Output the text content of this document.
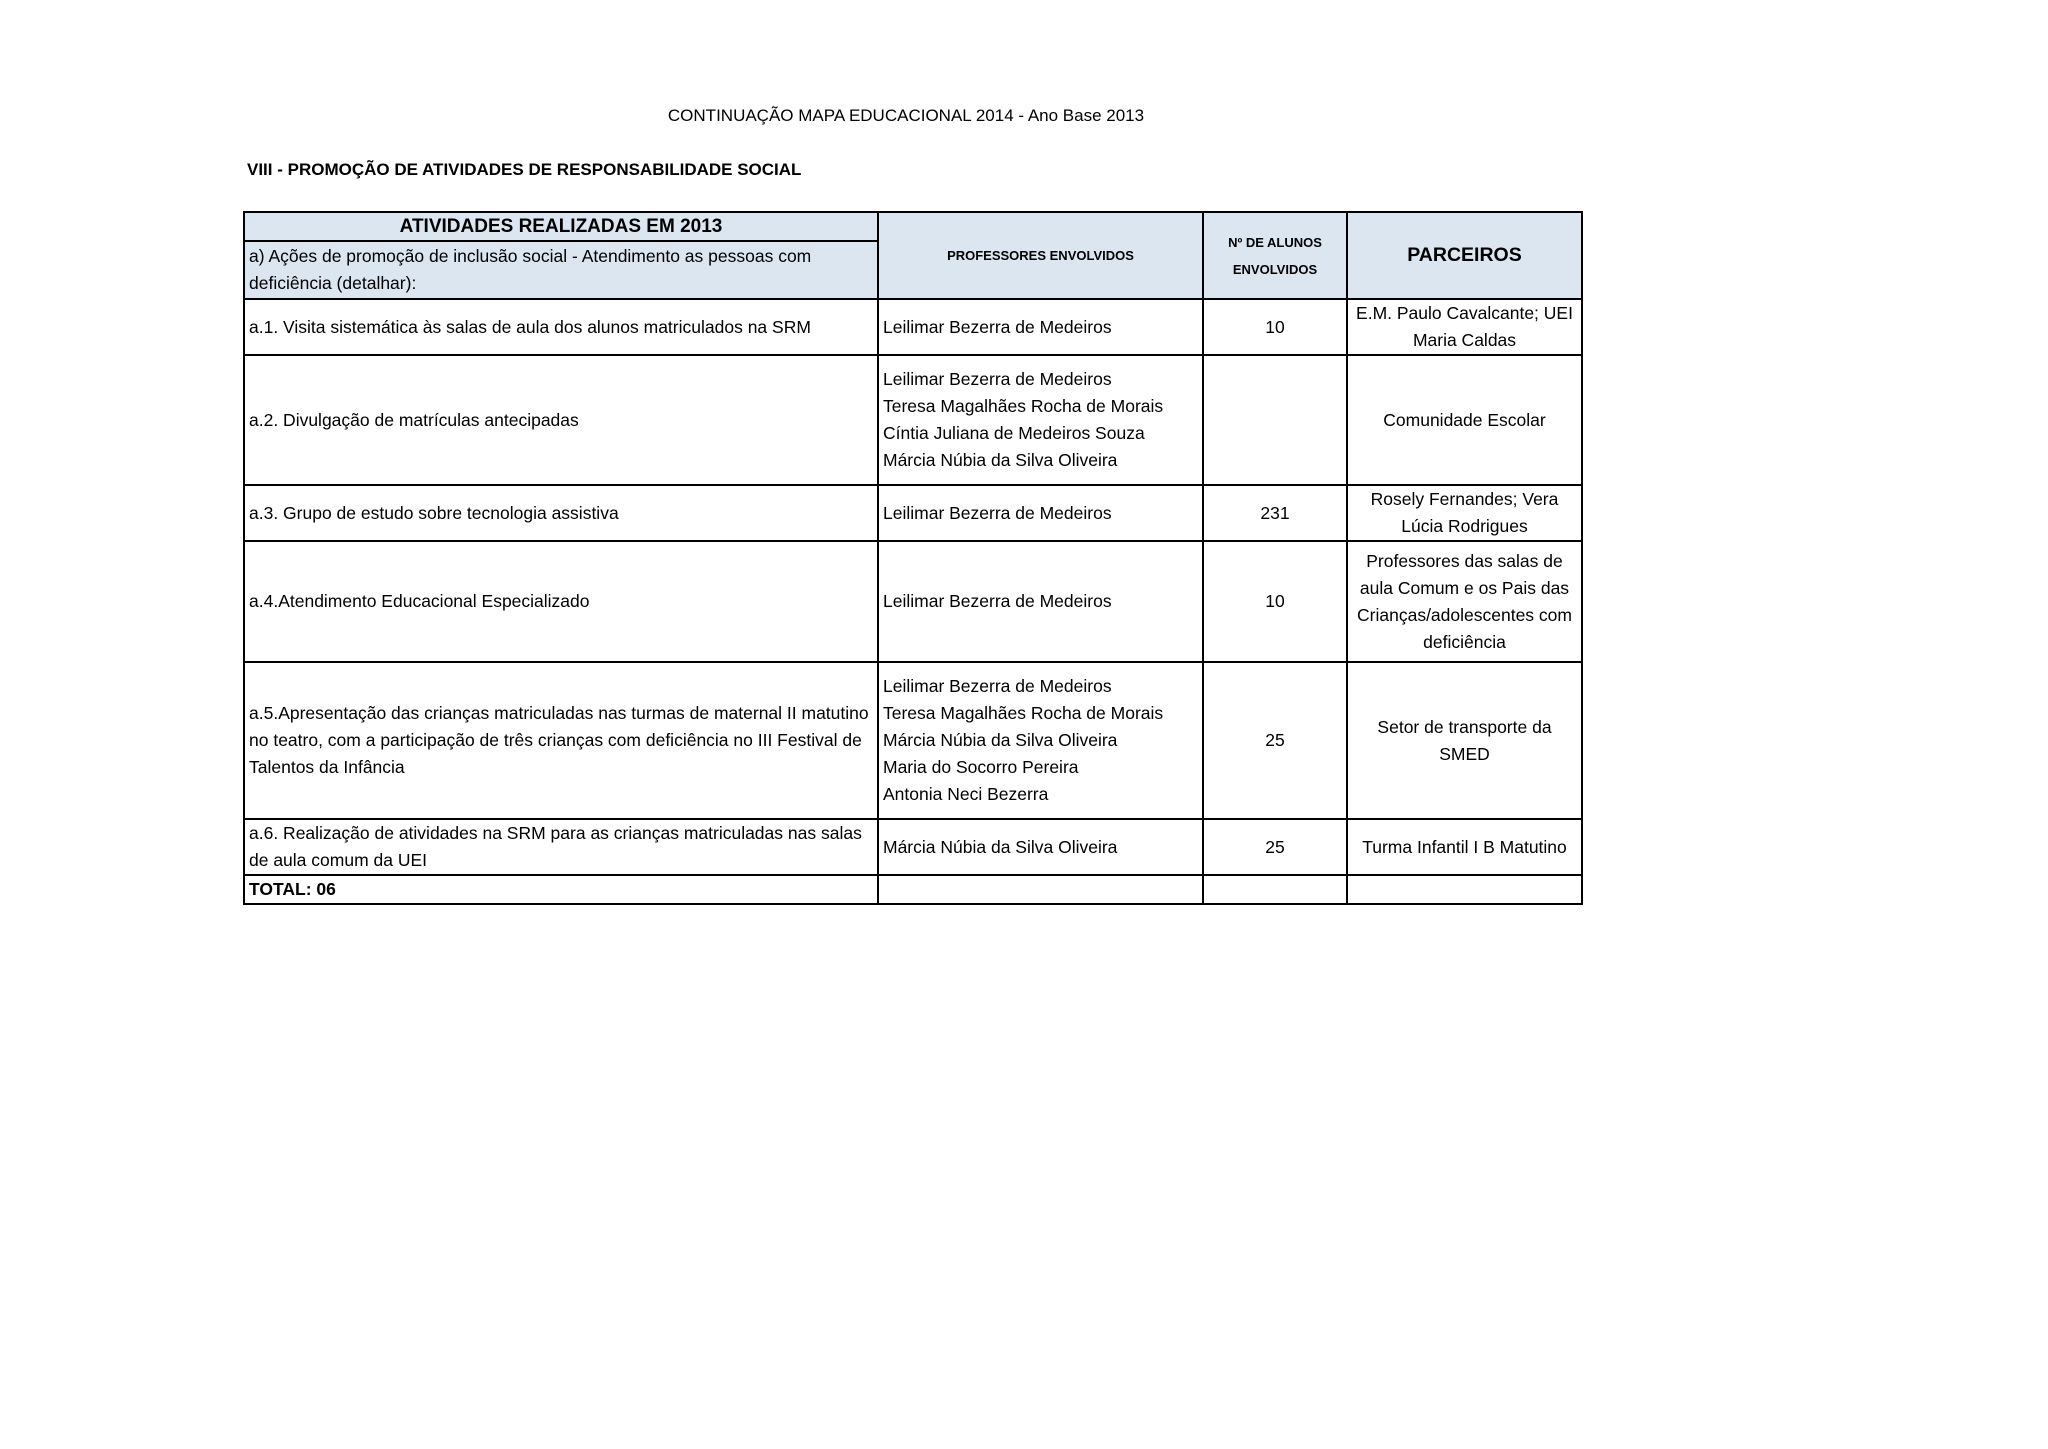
CONTINUAÇÃO MAPA EDUCACIONAL 2014 - Ano Base 2013
VIII - PROMOÇÃO DE ATIVIDADES DE RESPONSABILIDADE SOCIAL
ATIVIDADES REALIZADAS EM 2013	PROFESSORES ENVOLVIDOS	Nº DE ALUNOS
ENVOLVIDOS	PARCEIROS
a) Ações de promoção de inclusão social - Atendimento as pessoas com deficiência (detalhar):			
a.1. Visita sistemática às salas de aula dos alunos matriculados na SRM	Leilimar Bezerra de Medeiros	10	E.M. Paulo Cavalcante; UEI Maria Caldas
a.2. Divulgação de matrículas antecipadas	Leilimar Bezerra de Medeiros
Teresa Magalhães Rocha de Morais
Cíntia Juliana de Medeiros Souza
Márcia Núbia da Silva Oliveira		Comunidade Escolar
a.3. Grupo de estudo sobre tecnologia assistiva	Leilimar Bezerra de Medeiros	231	Rosely Fernandes; Vera Lúcia Rodrigues
a.4.Atendimento Educacional Especializado	Leilimar Bezerra de Medeiros	10	Professores das salas de aula Comum e os Pais das Crianças/adolescentes com deficiência
a.5.Apresentação das crianças matriculadas nas turmas de maternal II matutino no teatro, com a participação de três crianças com deficiência no III Festival de Talentos da Infância	Leilimar Bezerra de Medeiros
Teresa Magalhães Rocha de Morais
Márcia Núbia da Silva Oliveira
Maria do Socorro Pereira
Antonia Neci Bezerra	25	Setor de transporte da SMED
a.6. Realização de atividades na SRM para as crianças matriculadas nas salas de aula comum da UEI	Márcia Núbia da Silva Oliveira	25	Turma Infantil I B Matutino
TOTAL: 06			
